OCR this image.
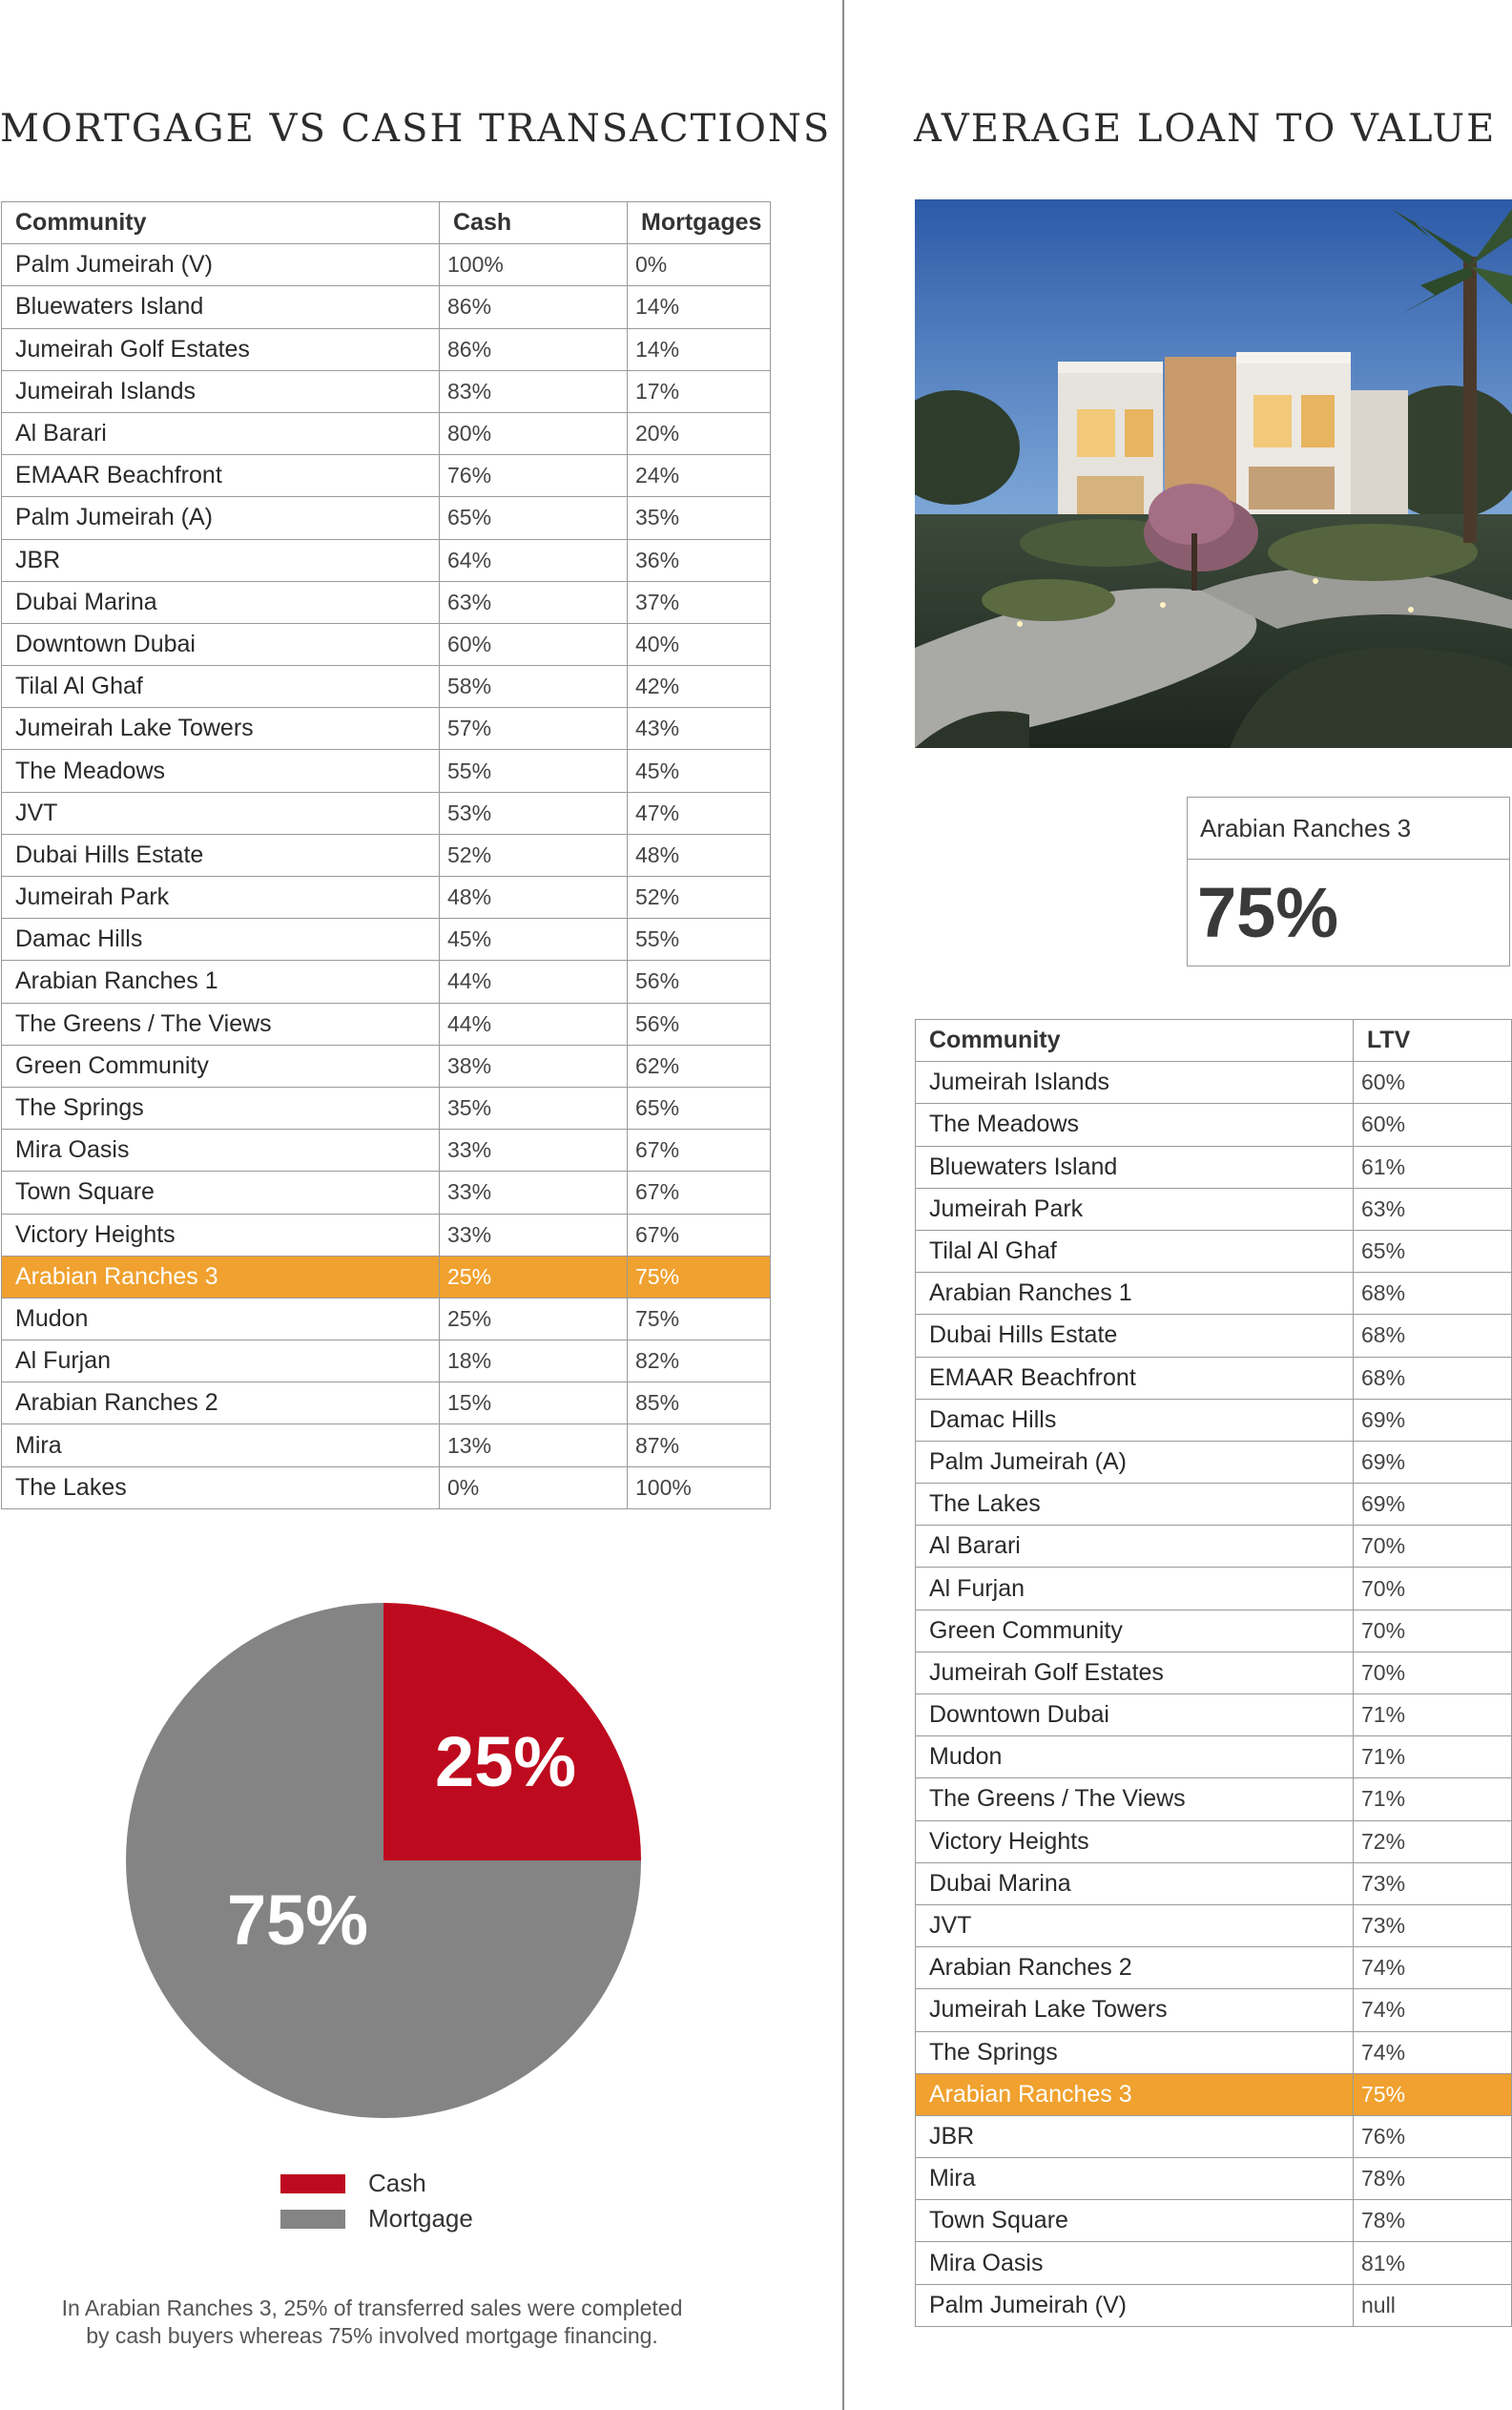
MORTGAGE VS CASH TRANSACTIONS AVERAGE LOAN TO VALUE
Community	Cash	Mortgages
Palm Jumeirah (V)	100%	0%
Bluewaters Island	86%	14%
Jumeirah Golf Estates	86%	14%
Jumeirah Islands	83%	17%
Al Barari	80%	20%
EMAAR Beachfront	76%	24%
Palm Jumeirah (A)	65%	35%
JBR	64%	36%
Dubai Marina	63%	37%
Downtown Dubai	60%	40%
Tilal Al Ghaf	58%	42%
Jumeirah Lake Towers	57%	43%
The Meadows	55%	45%
JVT	53%	47%
Dubai Hills Estate	52%	48%
Jumeirah Park	48%	52%
Damac Hills	45%	55%
Arabian Ranches 1	44%	56%
The Greens / The Views	44%	56%
Green Community	38%	62%
The Springs	35%	65%
Mira Oasis	33%	67%
Town Square	33%	67%
Victory Heights	33%	67%
Arabian Ranches 3	25%	75%
Mudon	25%	75%
Al Furjan	18%	82%
Arabian Ranches 2	15%	85%
Mira	13%	87%
The Lakes	0%	100%
Arabian Ranches 3
75%
Community	LTV
Jumeirah Islands	60%
The Meadows	60%
Bluewaters Island	61%
Jumeirah Park	63%
Tilal Al Ghaf	65%
Arabian Ranches 1	68%
Dubai Hills Estate	68%
EMAAR Beachfront	68%
Damac Hills	69%
Palm Jumeirah (A)	69%
The Lakes	69%
Al Barari	70%
Al Furjan	70%
Green Community	70%
Jumeirah Golf Estates	70%
Downtown Dubai	71%
Mudon	71%
The Greens / The Views	71%
Victory Heights	72%
Dubai Marina	73%
JVT	73%
Arabian Ranches 2	74%
Jumeirah Lake Towers	74%
The Springs	74%
Arabian Ranches 3	75%
JBR	76%
Mira	78%
Town Square	78%
Mira Oasis	81%
Palm Jumeirah (V)	null
25%
75%
Cash
Mortgage

In Arabian Ranches 3, 25% of transferred sales were completed by cash buyers whereas 75% involved mortgage financing.
